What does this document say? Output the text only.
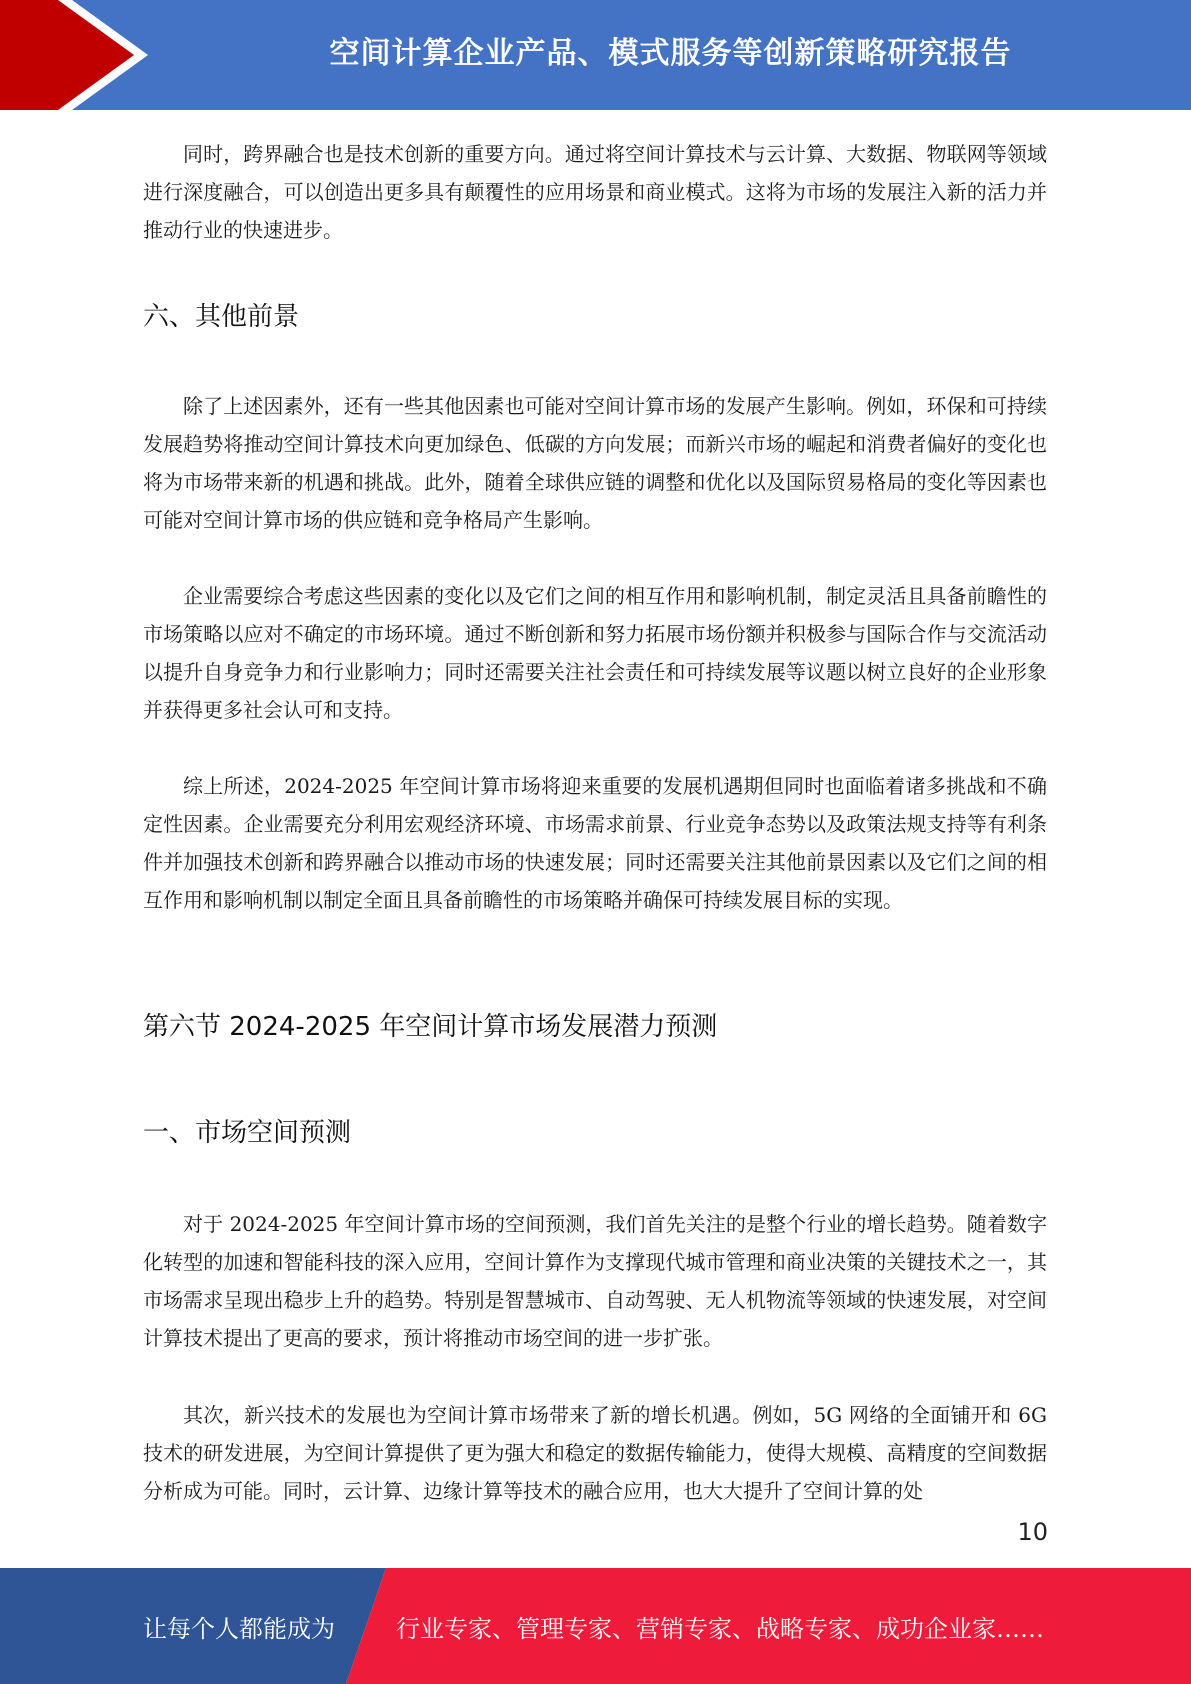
空间计算企业产品、模式服务等创新策略研究报告

同时，跨界融合也是技术创新的重要方向。通过将空间计算技术与云计算、大数据、物联网等领域进行深度融合，可以创造出更多具有颠覆性的应用场景和商业模式。这将为市场的发展注入新的活力并推动行业的快速进步。

六、其他前景

除了上述因素外，还有一些其他因素也可能对空间计算市场的发展产生影响。例如，环保和可持续发展趋势将推动空间计算技术向更加绿色、低碳的方向发展；而新兴市场的崛起和消费者偏好的变化也将为市场带来新的机遇和挑战。此外，随着全球供应链的调整和优化以及国际贸易格局的变化等因素也可能对空间计算市场的供应链和竞争格局产生影响。

企业需要综合考虑这些因素的变化以及它们之间的相互作用和影响机制，制定灵活且具备前瞻性的市场策略以应对不确定的市场环境。通过不断创新和努力拓展市场份额并积极参与国际合作与交流活动以提升自身竞争力和行业影响力；同时还需要关注社会责任和可持续发展等议题以树立良好的企业形象并获得更多社会认可和支持。

综上所述，2024-2025 年空间计算市场将迎来重要的发展机遇期但同时也面临着诸多挑战和不确定性因素。企业需要充分利用宏观经济环境、市场需求前景、行业竞争态势以及政策法规支持等有利条件并加强技术创新和跨界融合以推动市场的快速发展；同时还需要关注其他前景因素以及它们之间的相互作用和影响机制以制定全面且具备前瞻性的市场策略并确保可持续发展目标的实现。

第六节 2024-2025 年空间计算市场发展潜力预测
一、市场空间预测

对于 2024-2025 年空间计算市场的空间预测，我们首先关注的是整个行业的增长趋势。随着数字化转型的加速和智能科技的深入应用，空间计算作为支撑现代城市管理和商业决策的关键技术之一，其市场需求呈现出稳步上升的趋势。特别是智慧城市、自动驾驶、无人机物流等领域的快速发展，对空间计算技术提出了更高的要求，预计将推动市场空间的进一步扩张。

其次，新兴技术的发展也为空间计算市场带来了新的增长机遇。例如，5G 网络的全面铺开和 6G 技术的研发进展，为空间计算提供了更为强大和稳定的数据传输能力，使得大规模、高精度的空间数据分析成为可能。同时，云计算、边缘计算等技术的融合应用，也大大提升了空间计算的处

10
让每个人都能成为	行业专家、管理专家、营销专家、战略专家、成功企业家……
